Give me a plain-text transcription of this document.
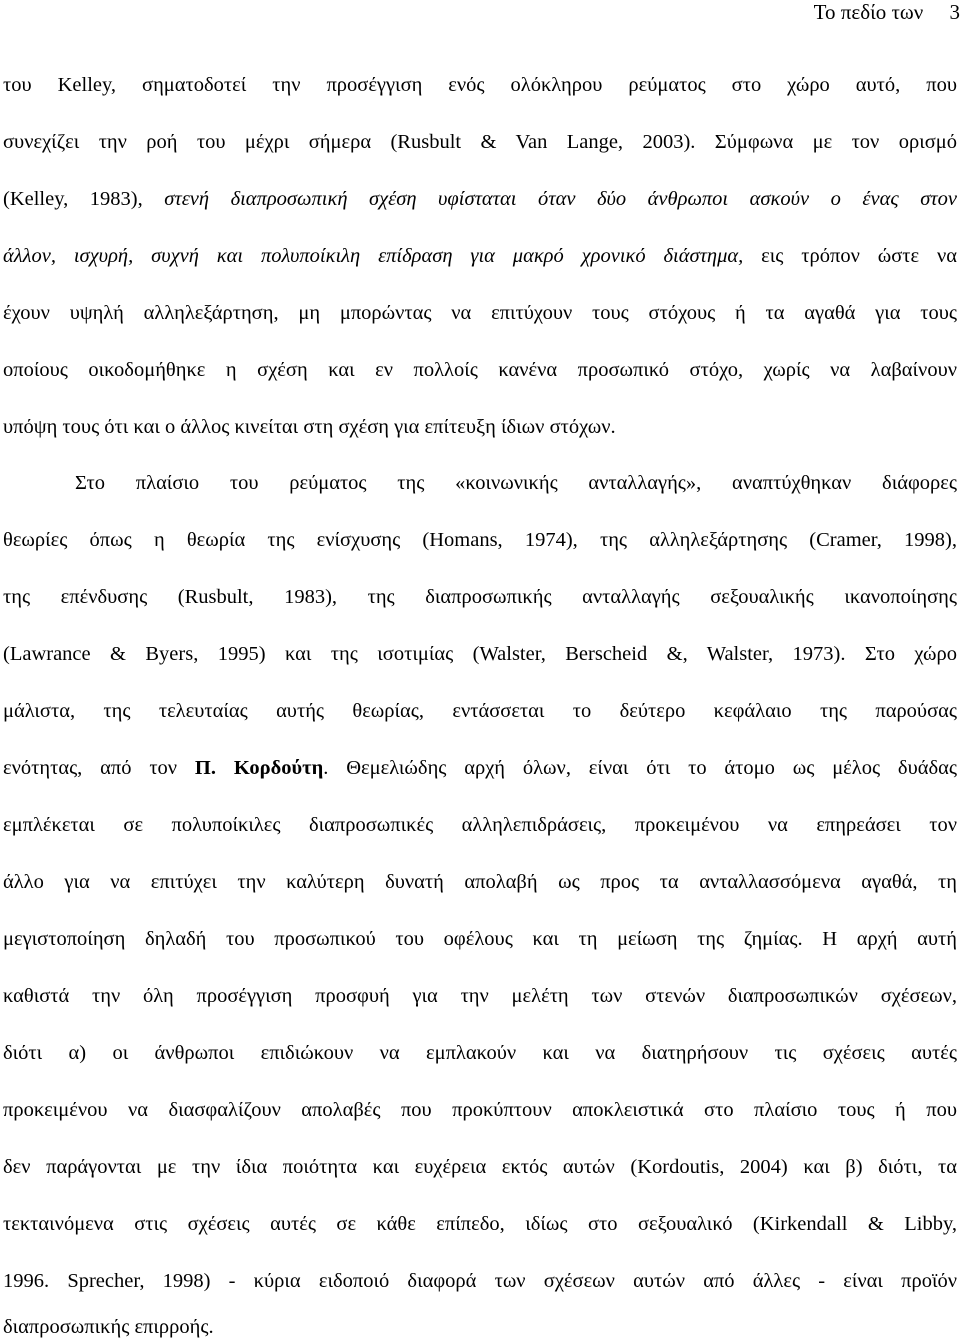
Το πεδίο των 3
του Kelley, σηματοδοτεί την προσέγγιση ενός ολόκληρου ρεύματος στο χώρο αυτό, που
συνεχίζει την ροή του μέχρι σήμερα (Rusbult & Van Lange, 2003). Σύμφωνα με τον ορισμό
(Kelley, 1983), στενή διαπροσωπική σχέση υφίσταται όταν δύο άνθρωποι ασκούν ο ένας στον
άλλον, ισχυρή, συχνή και πολυποίκιλη επίδραση για μακρό χρονικό διάστημα, εις τρόπον ώστε να
έχουν υψηλή αλληλεξάρτηση, μη μπορώντας να επιτύχουν τους στόχους ή τα αγαθά για τους
οποίους οικοδομήθηκε η σχέση και εν πολλοίς κανένα προσωπικό στόχο, χωρίς να λαβαίνουν
υπόψη τους ότι και ο άλλος κινείται στη σχέση για επίτευξη ίδιων στόχων.
Στο πλαίσιο του ρεύματος της «κοινωνικής ανταλλαγής», αναπτύχθηκαν διάφορες
θεωρίες όπως η θεωρία της ενίσχυσης (Homans, 1974), της αλληλεξάρτησης (Cramer, 1998),
της επένδυσης (Rusbult, 1983), της διαπροσωπικής ανταλλαγής σεξουαλικής ικανοποίησης
(Lawrance & Byers, 1995) και της ισοτιμίας (Walster, Berscheid &, Walster, 1973). Στο χώρο
μάλιστα, της τελευταίας αυτής θεωρίας, εντάσσεται το δεύτερο κεφάλαιο της παρούσας
ενότητας, από τον Π. Κορδούτη. Θεμελιώδης αρχή όλων, είναι ότι το άτομο ως μέλος δυάδας
εμπλέκεται σε πολυποίκιλες διαπροσωπικές αλληλεπιδράσεις, προκειμένου να επηρεάσει τον
άλλο για να επιτύχει την καλύτερη δυνατή απολαβή ως προς τα ανταλλασσόμενα αγαθά, τη
μεγιστοποίηση δηλαδή του προσωπικού του οφέλους και τη μείωση της ζημίας. Η αρχή αυτή
καθιστά την όλη προσέγγιση προσφυή για την μελέτη των στενών διαπροσωπικών σχέσεων,
διότι α) οι άνθρωποι επιδιώκουν να εμπλακούν και να διατηρήσουν τις σχέσεις αυτές
προκειμένου να διασφαλίζουν απολαβές που προκύπτουν αποκλειστικά στο πλαίσιο τους ή που
δεν παράγονται με την ίδια ποιότητα και ευχέρεια εκτός αυτών (Kordoutis, 2004) και β) διότι, τα
τεκταινόμενα στις σχέσεις αυτές σε κάθε επίπεδο, ιδίως στο σεξουαλικό (Kirkendall & Libby,
1996. Sprecher, 1998) - κύρια ειδοποιό διαφορά των σχέσεων αυτών από άλλες - είναι προϊόν
διαπροσωπικής επιρροής.
